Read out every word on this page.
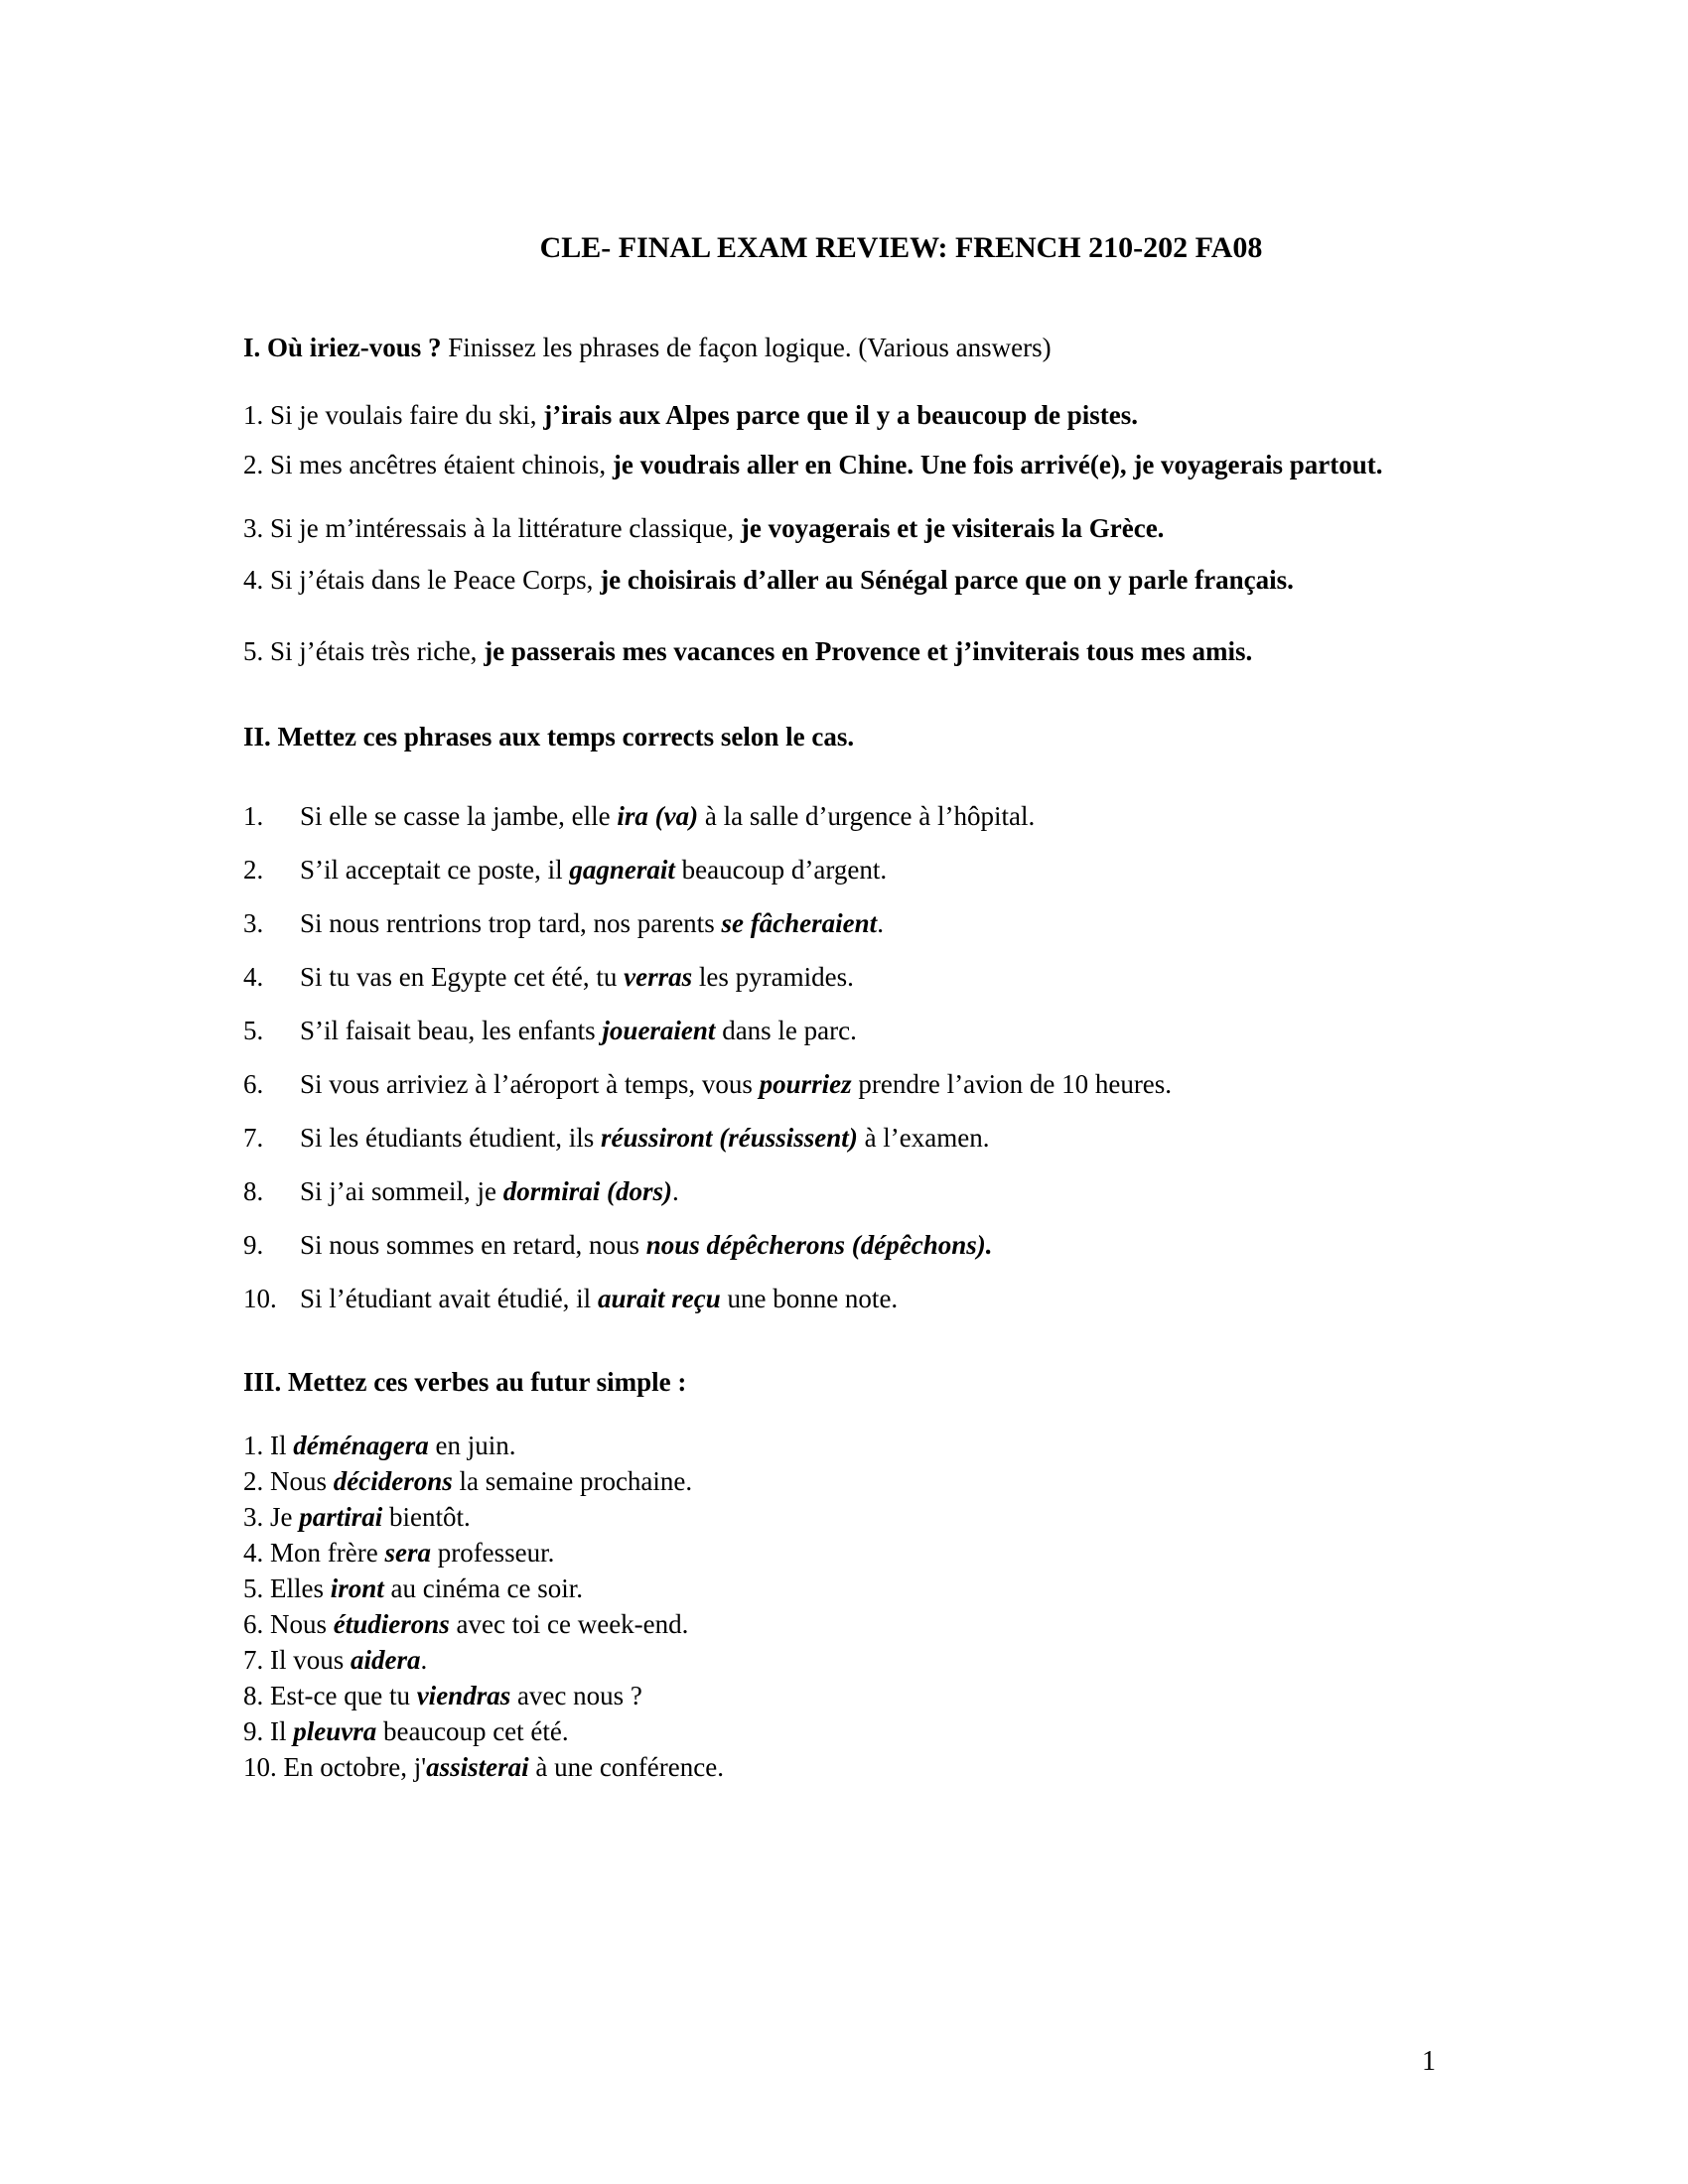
CLE- FINAL EXAM REVIEW: FRENCH 210-202 FA08

I. Où iriez-vous ? Finissez les phrases de façon logique. (Various answers)

1. Si je voulais faire du ski, j’irais aux Alpes parce que il y a beaucoup de pistes.

2. Si mes ancêtres étaient chinois, je voudrais aller en Chine. Une fois arrivé(e), je voyagerais partout.

3. Si je m’intéressais à la littérature classique, je voyagerais et je visiterais la Grèce.

4. Si j’étais dans le Peace Corps, je choisirais d’aller au Sénégal parce que on y parle français.

5. Si j’étais très riche, je passerais mes vacances en Provence et j’inviterais tous mes amis.

II. Mettez ces phrases aux temps corrects selon le cas.

1.	Si elle se casse la jambe, elle ira (va) à la salle d’urgence à l’hôpital.
2.	S’il acceptait ce poste, il gagnerait beaucoup d’argent.
3.	Si nous rentrions trop tard, nos parents se fâcheraient.
4.	Si tu vas en Egypte cet été, tu verras les pyramides.
5.	S’il faisait beau, les enfants joueraient dans le parc.
6.	Si vous arriviez à l’aéroport à temps, vous pourriez prendre l’avion de 10 heures.
7.	Si les étudiants étudient, ils réussiront (réussissent) à l’examen.
8.	Si j’ai sommeil, je dormirai (dors).
9.	Si nous sommes en retard, nous nous dépêcherons (dépêchons).
10. Si l’étudiant avait étudié, il aurait reçu une bonne note.

III. Mettez ces verbes au futur simple :

1. Il déménagera en juin.

2. Nous déciderons la semaine prochaine.

3. Je partirai bientôt.

4. Mon frère sera professeur.

5. Elles iront au cinéma ce soir.

6. Nous étudierons avec toi ce week-end.

7. Il vous aidera.

8. Est-ce que tu viendras avec nous ?

9. Il pleuvra beaucoup cet été.

10. En octobre, j'assisterai à une conférence.

1
